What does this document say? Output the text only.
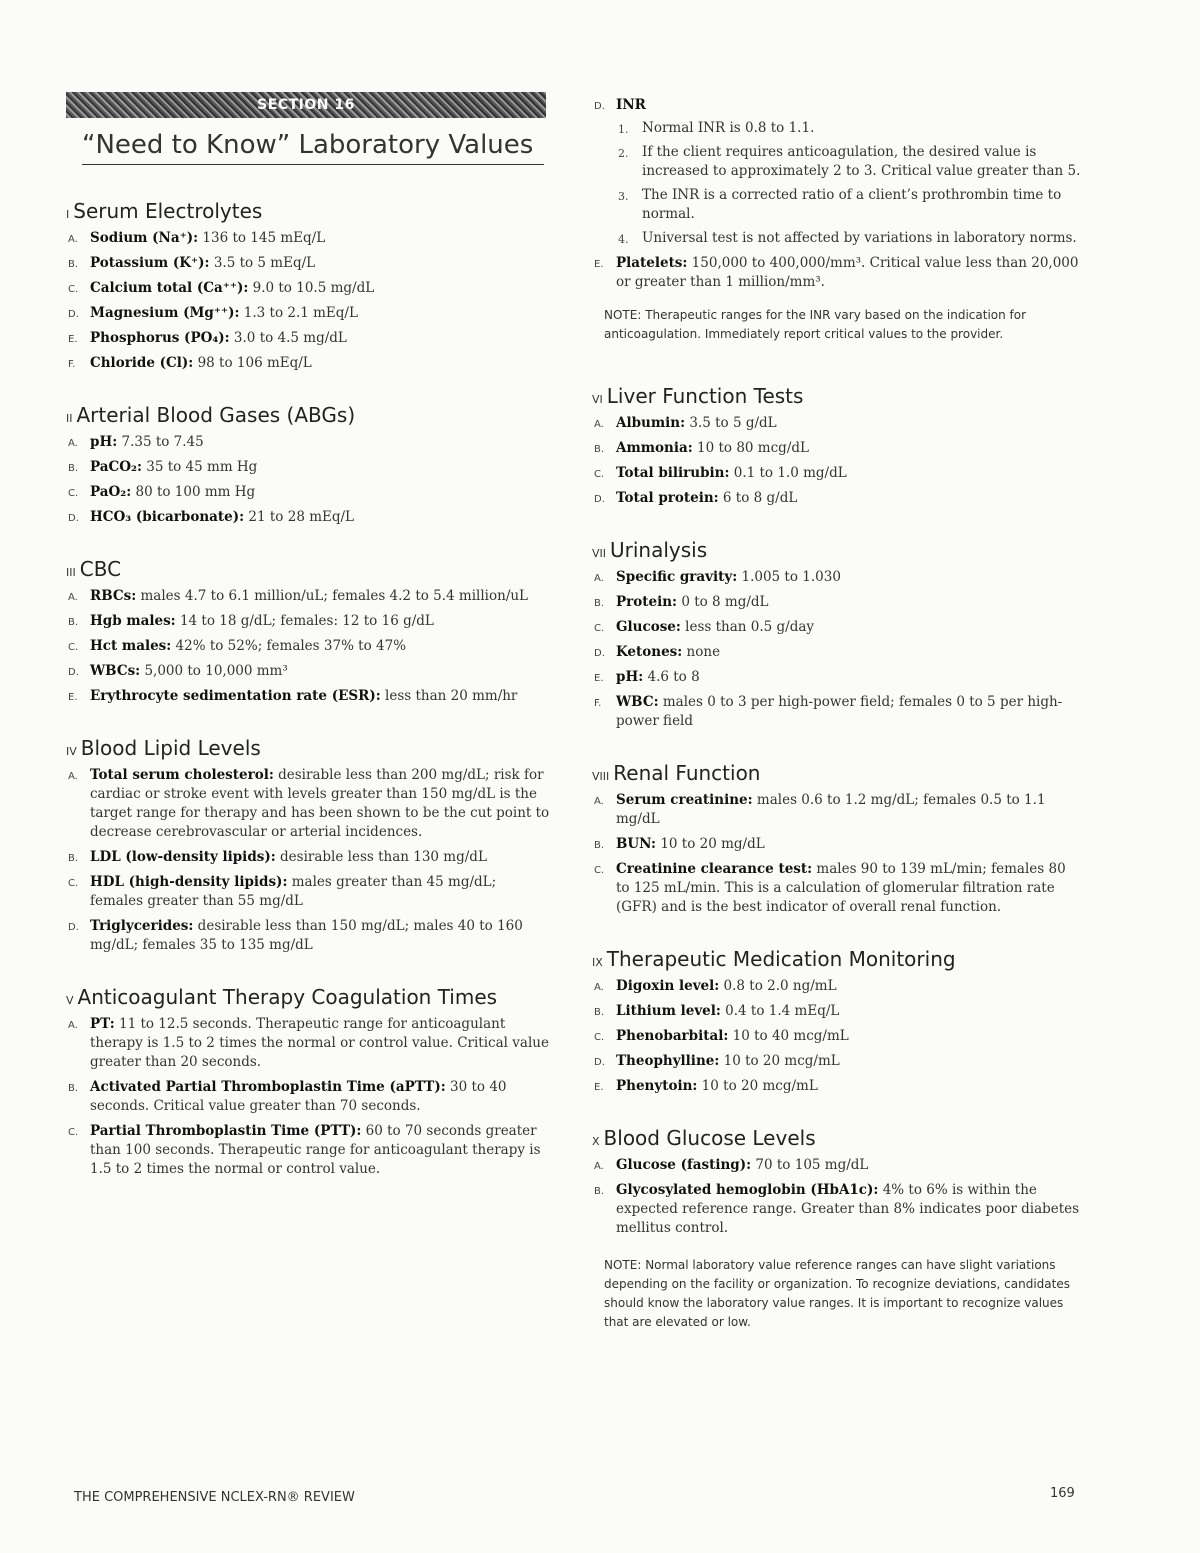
SECTION 16
“Need to Know” Laboratory Values
I Serum Electrolytes
A. Sodium (Na⁺): 136 to 145 mEq/L
B. Potassium (K⁺): 3.5 to 5 mEq/L
C. Calcium total (Ca⁺⁺): 9.0 to 10.5 mg/dL
D. Magnesium (Mg⁺⁺): 1.3 to 2.1 mEq/L
E. Phosphorus (PO₄): 3.0 to 4.5 mg/dL
F. Chloride (Cl): 98 to 106 mEq/L
II Arterial Blood Gases (ABGs)
A. pH: 7.35 to 7.45
B. PaCO₂: 35 to 45 mm Hg
C. PaO₂: 80 to 100 mm Hg
D. HCO₃ (bicarbonate): 21 to 28 mEq/L
III CBC
A. RBCs: males 4.7 to 6.1 million/uL; females 4.2 to 5.4 million/uL
B. Hgb males: 14 to 18 g/dL; females: 12 to 16 g/dL
C. Hct males: 42% to 52%; females 37% to 47%
D. WBCs: 5,000 to 10,000 mm³
E. Erythrocyte sedimentation rate (ESR): less than 20 mm/hr
IV Blood Lipid Levels
A. Total serum cholesterol: desirable less than 200 mg/dL; risk for cardiac or stroke event with levels greater than 150 mg/dL is the target range for therapy and has been shown to be the cut point to decrease cerebrovascular or arterial incidences.
B. LDL (low-density lipids): desirable less than 130 mg/dL
C. HDL (high-density lipids): males greater than 45 mg/dL; females greater than 55 mg/dL
D. Triglycerides: desirable less than 150 mg/dL; males 40 to 160 mg/dL; females 35 to 135 mg/dL
V Anticoagulant Therapy Coagulation Times
A. PT: 11 to 12.5 seconds. Therapeutic range for anticoagulant therapy is 1.5 to 2 times the normal or control value. Critical value greater than 20 seconds.
B. Activated Partial Thromboplastin Time (aPTT): 30 to 40 seconds. Critical value greater than 70 seconds.
C. Partial Thromboplastin Time (PTT): 60 to 70 seconds greater than 100 seconds. Therapeutic range for anticoagulant therapy is 1.5 to 2 times the normal or control value.
D. INR
1. Normal INR is 0.8 to 1.1.
2. If the client requires anticoagulation, the desired value is increased to approximately 2 to 3. Critical value greater than 5.
3. The INR is a corrected ratio of a client’s prothrombin time to normal.
4. Universal test is not affected by variations in laboratory norms.
E. Platelets: 150,000 to 400,000/mm³. Critical value less than 20,000 or greater than 1 million/mm³.
NOTE: Therapeutic ranges for the INR vary based on the indication for anticoagulation. Immediately report critical values to the provider.
VI Liver Function Tests
A. Albumin: 3.5 to 5 g/dL
B. Ammonia: 10 to 80 mcg/dL
C. Total bilirubin: 0.1 to 1.0 mg/dL
D. Total protein: 6 to 8 g/dL
VII Urinalysis
A. Specific gravity: 1.005 to 1.030
B. Protein: 0 to 8 mg/dL
C. Glucose: less than 0.5 g/day
D. Ketones: none
E. pH: 4.6 to 8
F. WBC: males 0 to 3 per high-power field; females 0 to 5 per high-power field
VIII Renal Function
A. Serum creatinine: males 0.6 to 1.2 mg/dL; females 0.5 to 1.1 mg/dL
B. BUN: 10 to 20 mg/dL
C. Creatinine clearance test: males 90 to 139 mL/min; females 80 to 125 mL/min. This is a calculation of glomerular filtration rate (GFR) and is the best indicator of overall renal function.
IX Therapeutic Medication Monitoring
A. Digoxin level: 0.8 to 2.0 ng/mL
B. Lithium level: 0.4 to 1.4 mEq/L
C. Phenobarbital: 10 to 40 mcg/mL
D. Theophylline: 10 to 20 mcg/mL
E. Phenytoin: 10 to 20 mcg/mL
X Blood Glucose Levels
A. Glucose (fasting): 70 to 105 mg/dL
B. Glycosylated hemoglobin (HbA1c): 4% to 6% is within the expected reference range. Greater than 8% indicates poor diabetes mellitus control.
NOTE: Normal laboratory value reference ranges can have slight variations depending on the facility or organization. To recognize deviations, candidates should know the laboratory value ranges. It is important to recognize values that are elevated or low.
THE COMPREHENSIVE NCLEX-RN® REVIEW	169
